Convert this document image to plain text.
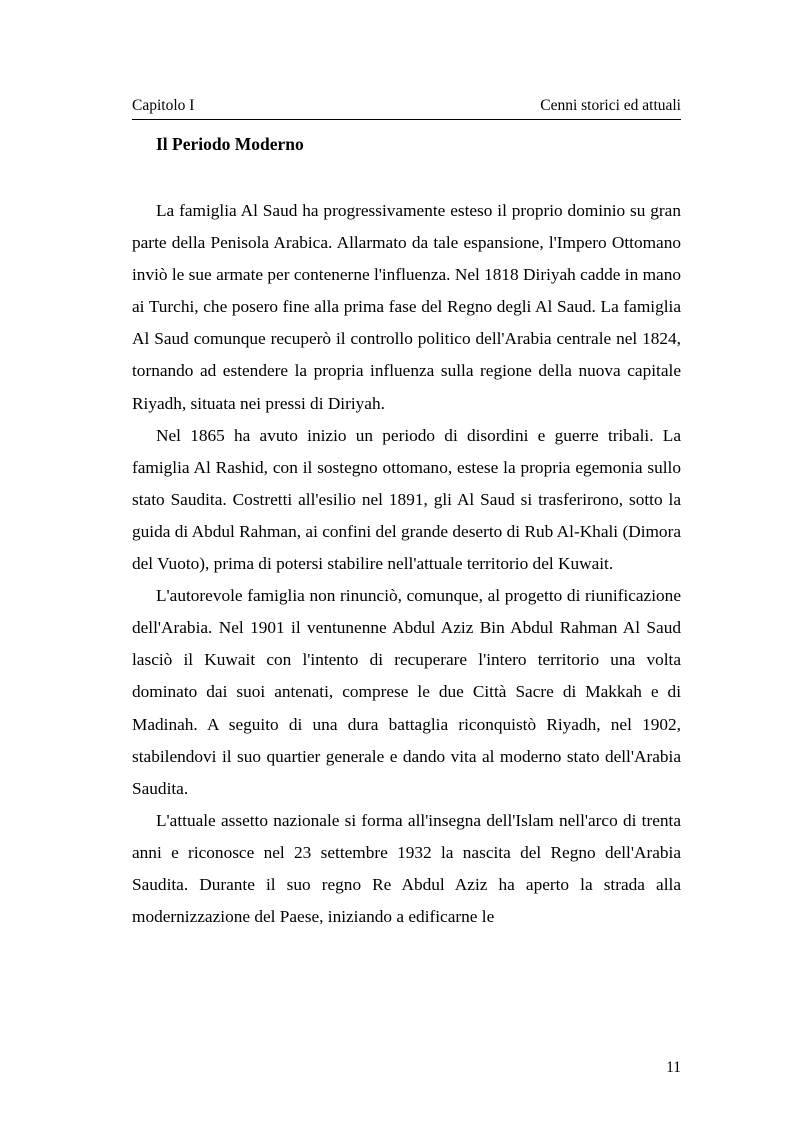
Capitolo I	Cenni storici ed attuali
Il Periodo Moderno

La famiglia Al Saud ha progressivamente esteso il proprio dominio su gran parte della Penisola Arabica. Allarmato da tale espansione, l'Impero Ottomano inviò le sue armate per contenerne l'influenza. Nel 1818 Diriyah cadde in mano ai Turchi, che posero fine alla prima fase del Regno degli Al Saud. La famiglia Al Saud comunque recuperò il controllo politico dell'Arabia centrale nel 1824, tornando ad estendere la propria influenza sulla regione della nuova capitale Riyadh, situata nei pressi di Diriyah.

Nel 1865 ha avuto inizio un periodo di disordini e guerre tribali. La famiglia Al Rashid, con il sostegno ottomano, estese la propria egemonia sullo stato Saudita. Costretti all'esilio nel 1891, gli Al Saud si trasferirono, sotto la guida di Abdul Rahman, ai confini del grande deserto di Rub Al-Khali (Dimora del Vuoto), prima di potersi stabilire nell'attuale territorio del Kuwait.

L'autorevole famiglia non rinunciò, comunque, al progetto di riunificazione dell'Arabia. Nel 1901 il ventunenne Abdul Aziz Bin Abdul Rahman Al Saud lasciò il Kuwait con l'intento di recuperare l'intero territorio una volta dominato dai suoi antenati, comprese le due Città Sacre di Makkah e di Madinah. A seguito di una dura battaglia riconquistò Riyadh, nel 1902, stabilendovi il suo quartier generale e dando vita al moderno stato dell'Arabia Saudita.

L'attuale assetto nazionale si forma all'insegna dell'Islam nell'arco di trenta anni e riconosce nel 23 settembre 1932 la nascita del Regno dell'Arabia Saudita. Durante il suo regno Re Abdul Aziz ha aperto la strada alla modernizzazione del Paese, iniziando a edificarne le

11
